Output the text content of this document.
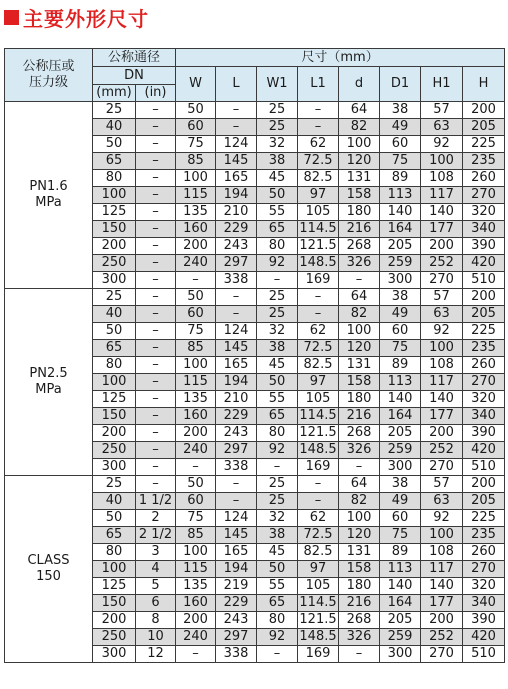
主要外形尺寸
公称压或
压力级	公称通径		尺寸（mm）							
	DN		W	L	W1	L1	d	D1	H1	H
	(mm)	(in)								
PN1.6
MPa	25	–	50	–	25	–	64	38	57	200
	40	–	60	–	25	–	82	49	63	205
	50	–	75	124	32	62	100	60	92	225
	65	–	85	145	38	72.5	120	75	100	235
	80	–	100	165	45	82.5	131	89	108	260
	100	–	115	194	50	97	158	113	117	270
	125	–	135	210	55	105	180	140	140	320
	150	–	160	229	65	114.5	216	164	177	340
	200	–	200	243	80	121.5	268	205	200	390
	250	–	240	297	92	148.5	326	259	252	420
	300	–	–	338	–	169	–	300	270	510
PN2.5
MPa	25	–	50	–	25	–	64	38	57	200
	40	–	60	–	25	–	82	49	63	205
	50	–	75	124	32	62	100	60	92	225
	65	–	85	145	38	72.5	120	75	100	235
	80	–	100	165	45	82.5	131	89	108	260
	100	–	115	194	50	97	158	113	117	270
	125	–	135	210	55	105	180	140	140	320
	150	–	160	229	65	114.5	216	164	177	340
	200	–	200	243	80	121.5	268	205	200	390
	250	–	240	297	92	148.5	326	259	252	420
	300	–	–	338	–	169	–	300	270	510
CLASS
150	25	–	50	–	25	–	64	38	57	200
	40	1 1/2	60	–	25	–	82	49	63	205
	50	2	75	124	32	62	100	60	92	225
	65	2 1/2	85	145	38	72.5	120	75	100	235
	80	3	100	165	45	82.5	131	89	108	260
	100	4	115	194	50	97	158	113	117	270
	125	5	135	219	55	105	180	140	140	320
	150	6	160	229	65	114.5	216	164	177	340
	200	8	200	243	80	121.5	268	205	200	390
	250	10	240	297	92	148.5	326	259	252	420
	300	12	–	338	–	169	–	300	270	510
